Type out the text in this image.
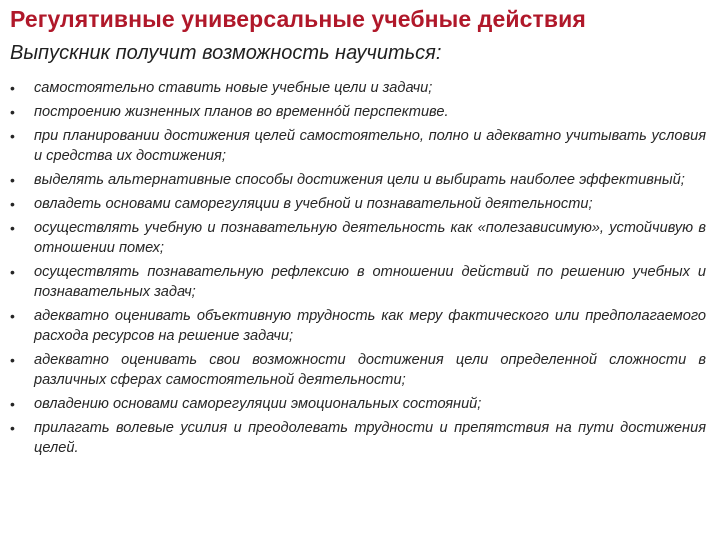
Регулятивные универсальные учебные действия
Выпускник получит возможность научиться:
• самостоятельно ставить новые учебные цели и задачи;
• построению жизненных планов во временнóй перспективе.
• при планировании достижения целей самостоятельно, полно и адекватно учитывать условия и средства их достижения;
• выделять альтернативные способы достижения цели и выбирать наиболее эффективный;
• овладеть основами саморегуляции в учебной и познавательной деятельности;
• осуществлять учебную и познавательную деятельность как «полезависимую», устойчивую в отношении помех;
• осуществлять познавательную рефлексию в отношении действий по решению учебных и познавательных задач;
• адекватно оценивать объективную трудность как меру фактического или предполагаемого расхода ресурсов на решение задачи;
• адекватно оценивать свои возможности достижения цели определенной сложности в различных сферах самостоятельной деятельности;
• овладению основами саморегуляции эмоциональных состояний;
• прилагать волевые усилия и преодолевать трудности и препятствия на пути достижения целей.
